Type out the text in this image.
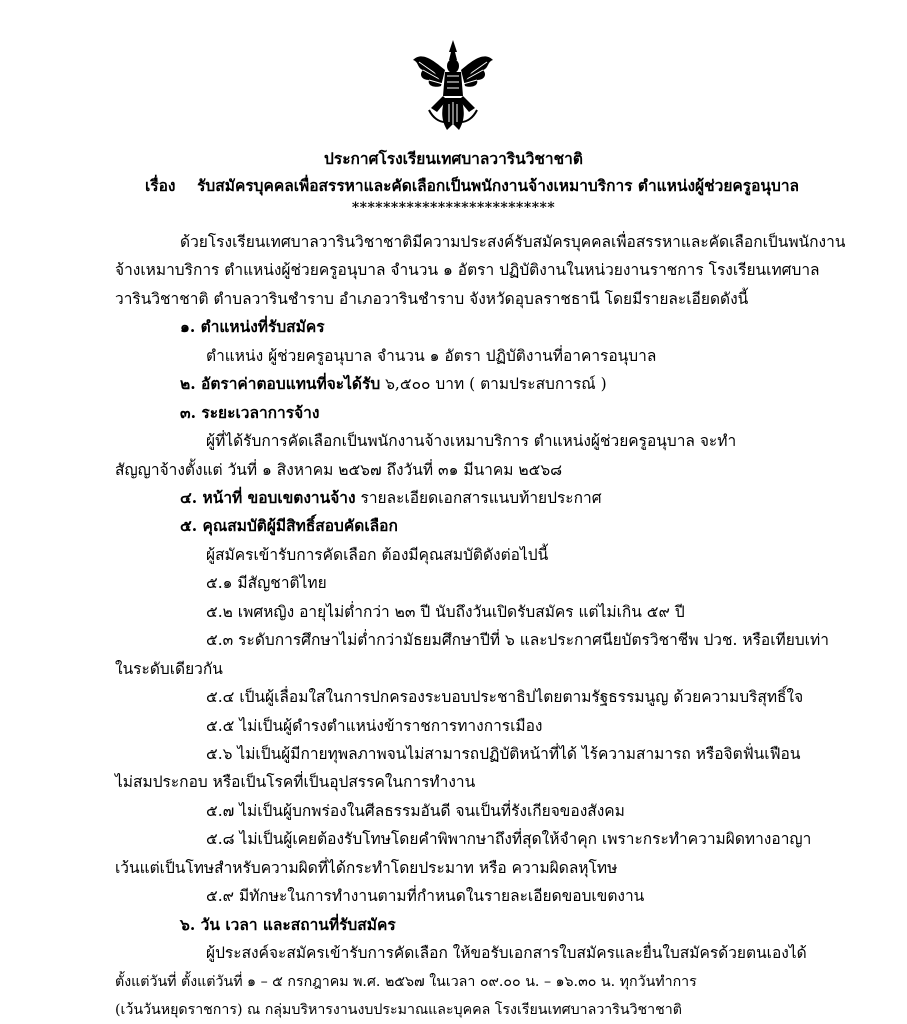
ประกาศโรงเรียนเทศบาลวารินวิชาชาติ
เรื่อง รับสมัครบุคคลเพื่อสรรหาและคัดเลือกเป็นพนักงานจ้างเหมาบริการ ตำแหน่งผู้ช่วยครูอนุบาล
**************************
ด้วยโรงเรียนเทศบาลวารินวิชาชาติมีความประสงค์รับสมัครบุคคลเพื่อสรรหาและคัดเลือกเป็นพนักงาน
จ้างเหมาบริการ ตำแหน่งผู้ช่วยครูอนุบาล จำนวน ๑ อัตรา ปฏิบัติงานในหน่วยงานราชการ โรงเรียนเทศบาล
วารินวิชาชาติ ตำบลวารินชำราบ อำเภอวารินชำราบ จังหวัดอุบลราชธานี โดยมีรายละเอียดดังนี้
๑. ตำแหน่งที่รับสมัคร
ตำแหน่ง ผู้ช่วยครูอนุบาล จำนวน ๑ อัตรา ปฏิบัติงานที่อาคารอนุบาล
๒. อัตราค่าตอบแทนที่จะได้รับ ๖,๕๐๐ บาท ( ตามประสบการณ์ )
๓. ระยะเวลาการจ้าง
ผู้ที่ได้รับการคัดเลือกเป็นพนักงานจ้างเหมาบริการ ตำแหน่งผู้ช่วยครูอนุบาล จะทำ
สัญญาจ้างตั้งแต่ วันที่ ๑ สิงหาคม ๒๕๖๗ ถึงวันที่ ๓๑ มีนาคม ๒๕๖๘
๔. หน้าที่ ขอบเขตงานจ้าง รายละเอียดเอกสารแนบท้ายประกาศ
๕. คุณสมบัติผู้มีสิทธิ์สอบคัดเลือก
ผู้สมัครเข้ารับการคัดเลือก ต้องมีคุณสมบัติดังต่อไปนี้
๕.๑ มีสัญชาติไทย
๕.๒ เพศหญิง อายุไม่ต่ำกว่า ๒๓ ปี นับถึงวันเปิดรับสมัคร แต่ไม่เกิน ๕๙ ปี
๕.๓ ระดับการศึกษาไม่ต่ำกว่ามัธยมศึกษาปีที่ ๖ และประกาศนียบัตรวิชาชีพ ปวช. หรือเทียบเท่า
ในระดับเดียวกัน
๕.๔ เป็นผู้เลื่อมใสในการปกครองระบอบประชาธิปไตยตามรัฐธรรมนูญ ด้วยความบริสุทธิ์ใจ
๕.๕ ไม่เป็นผู้ดำรงตำแหน่งข้าราชการทางการเมือง
๕.๖ ไม่เป็นผู้มีกายทุพลภาพจนไม่สามารถปฏิบัติหน้าที่ได้ ไร้ความสามารถ หรือจิตฟั่นเฟือน
ไม่สมประกอบ หรือเป็นโรคที่เป็นอุปสรรคในการทำงาน
๕.๗ ไม่เป็นผู้บกพร่องในศีลธรรมอันดี จนเป็นที่รังเกียจของสังคม
๕.๘ ไม่เป็นผู้เคยต้องรับโทษโดยคำพิพากษาถึงที่สุดให้จำคุก เพราะกระทำความผิดทางอาญา
เว้นแต่เป็นโทษสำหรับความผิดที่ได้กระทำโดยประมาท หรือ ความผิดลหุโทษ
๕.๙ มีทักษะในการทำงานตามที่กำหนดในรายละเอียดขอบเขตงาน
๖. วัน เวลา และสถานที่รับสมัคร
ผู้ประสงค์จะสมัครเข้ารับการคัดเลือก ให้ขอรับเอกสารใบสมัครและยื่นใบสมัครด้วยตนเองได้
ตั้งแต่วันที่ ตั้งแต่วันที่ ๑ – ๕ กรกฎาคม พ.ศ. ๒๕๖๗ ในเวลา ๐๙.๐๐ น. – ๑๖.๓๐ น. ทุกวันทำการ
(เว้นวันหยุดราชการ) ณ กลุ่มบริหารงานงบประมาณและบุคคล โรงเรียนเทศบาลวารินวิชาชาติ
